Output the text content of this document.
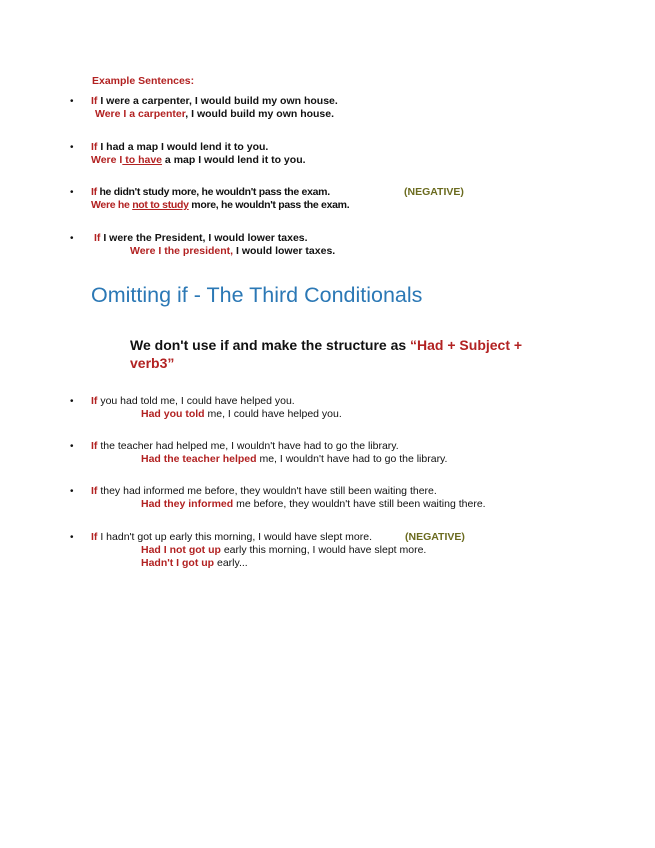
Example Sentences:
• If I were a carpenter, I would build my own house.
Were I a carpenter, I would build my own house.
• If I had a map I would lend it to you.
Were I to have a map I would lend it to you.
• If he didn't study more, he wouldn't pass the exam.	(NEGATIVE)
Were he not to study more, he wouldn't pass the exam.
• If I were the President, I would lower taxes.
Were I the president, I would lower taxes.
Omitting if - The Third Conditionals
We don't use if and make the structure as “Had + Subject +
verb3”
• If you had told me, I could have helped you.
Had you told me, I could have helped you.
• If the teacher had helped me, I wouldn't have had to go the library.
Had the teacher helped me, I wouldn't have had to go the library.
• If they had informed me before, they wouldn't have still been waiting there.
Had they informed me before, they wouldn't have still been waiting there.
• If I hadn't got up early this morning, I would have slept more.	(NEGATIVE)
Had I not got up early this morning, I would have slept more.
Hadn't I got up early...
